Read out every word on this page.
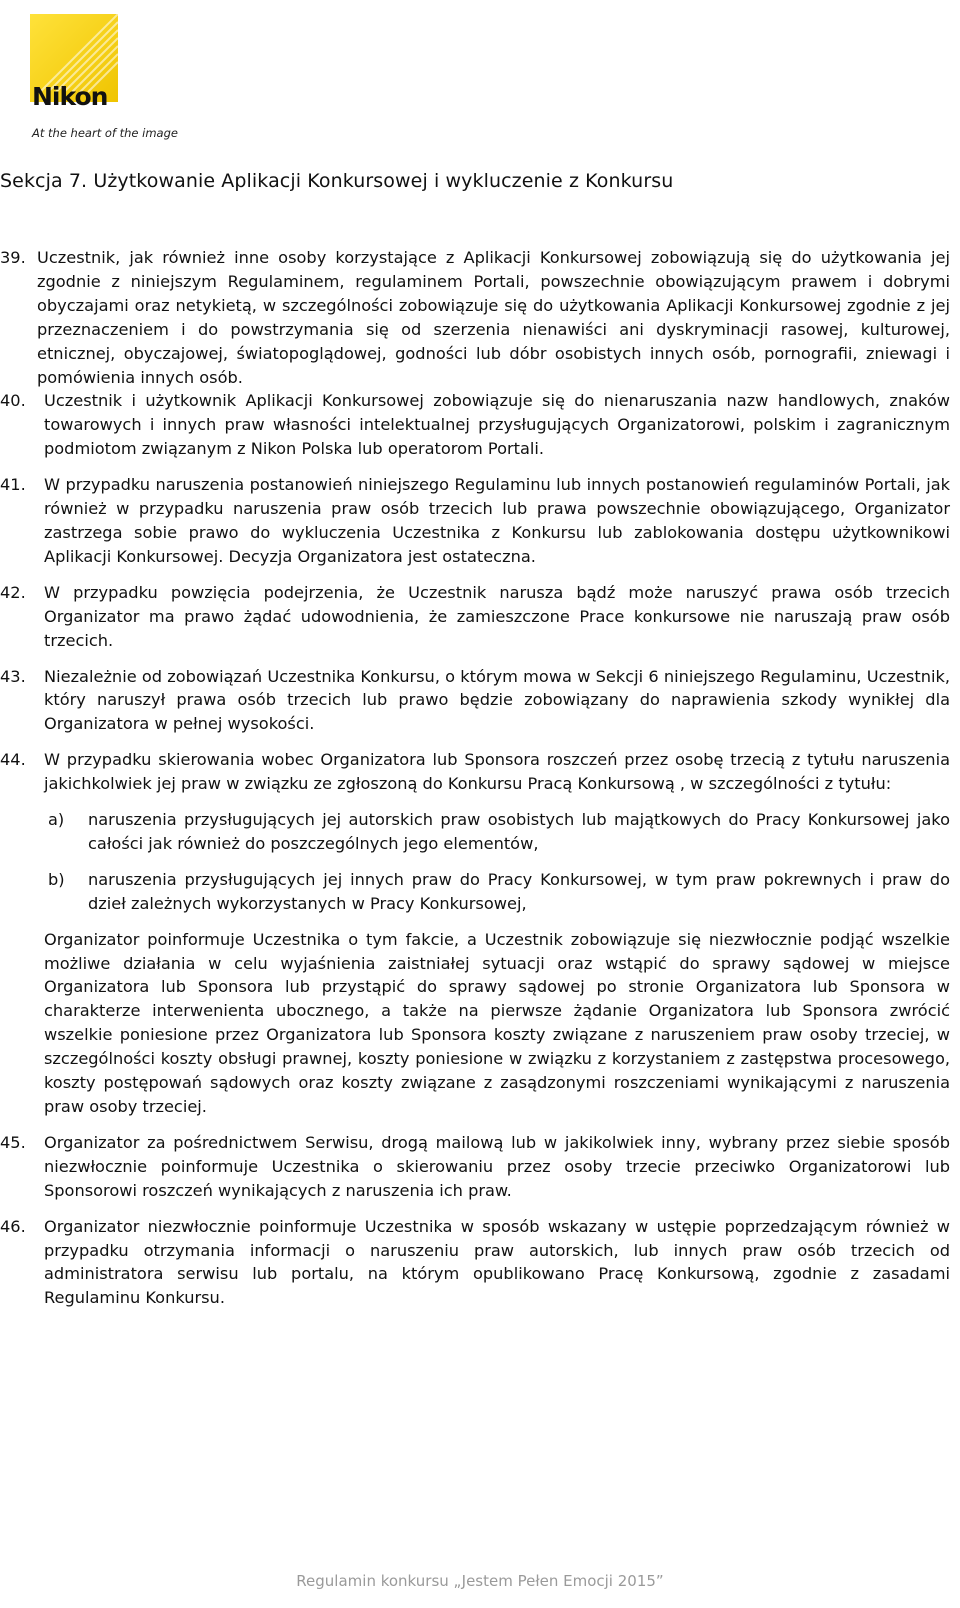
Nikon
At the heart of the image
Sekcja 7. Użytkowanie Aplikacji Konkursowej i wykluczenie z Konkursu
39. Uczestnik, jak również inne osoby korzystające z Aplikacji Konkursowej zobowiązują się do użytkowania jej zgodnie z niniejszym Regulaminem, regulaminem Portali, powszechnie obowiązującym prawem i dobrymi obyczajami oraz netykietą, w szczególności zobowiązuje się do użytkowania Aplikacji Konkursowej zgodnie z jej przeznaczeniem i do powstrzymania się od szerzenia nienawiści ani dyskryminacji rasowej, kulturowej, etnicznej, obyczajowej, światopoglądowej, godności lub dóbr osobistych innych osób, pornografii, zniewagi i pomówienia innych osób.
40. Uczestnik i użytkownik Aplikacji Konkursowej zobowiązuje się do nienaruszania nazw handlowych, znaków towarowych i innych praw własności intelektualnej przysługujących Organizatorowi, polskim i zagranicznym podmiotom związanym z Nikon Polska lub operatorom Portali.
41. W przypadku naruszenia postanowień niniejszego Regulaminu lub innych postanowień regulaminów Portali, jak również w przypadku naruszenia praw osób trzecich lub prawa powszechnie obowiązującego, Organizator zastrzega sobie prawo do wykluczenia Uczestnika z Konkursu lub zablokowania dostępu użytkownikowi Aplikacji Konkursowej. Decyzja Organizatora jest ostateczna.
42. W przypadku powzięcia podejrzenia, że Uczestnik narusza bądź może naruszyć prawa osób trzecich Organizator ma prawo żądać udowodnienia, że zamieszczone Prace konkursowe nie naruszają praw osób trzecich.
43. Niezależnie od zobowiązań Uczestnika Konkursu, o którym mowa w Sekcji 6 niniejszego Regulaminu, Uczestnik, który naruszył prawa osób trzecich lub prawo będzie zobowiązany do naprawienia szkody wynikłej dla Organizatora w pełnej wysokości.
44. W przypadku skierowania wobec Organizatora lub Sponsora roszczeń przez osobę trzecią z tytułu naruszenia jakichkolwiek jej praw w związku ze zgłoszoną do Konkursu Pracą Konkursową , w szczególności z tytułu:
a) naruszenia przysługujących jej autorskich praw osobistych lub majątkowych do Pracy Konkursowej jako całości jak również do poszczególnych jego elementów,
b) naruszenia przysługujących jej innych praw do Pracy Konkursowej, w tym praw pokrewnych i praw do dzieł zależnych wykorzystanych w Pracy Konkursowej,
Organizator poinformuje Uczestnika o tym fakcie, a Uczestnik zobowiązuje się niezwłocznie podjąć wszelkie możliwe działania w celu wyjaśnienia zaistniałej sytuacji oraz wstąpić do sprawy sądowej w miejsce Organizatora lub Sponsora lub przystąpić do sprawy sądowej po stronie Organizatora lub Sponsora w charakterze interwenienta ubocznego, a także na pierwsze żądanie Organizatora lub Sponsora zwrócić wszelkie poniesione przez Organizatora lub Sponsora koszty związane z naruszeniem praw osoby trzeciej, w szczególności koszty obsługi prawnej, koszty poniesione w związku z korzystaniem z zastępstwa procesowego, koszty postępowań sądowych oraz koszty związane z zasądzonymi roszczeniami wynikającymi z naruszenia praw osoby trzeciej.
45. Organizator za pośrednictwem Serwisu, drogą mailową lub w jakikolwiek inny, wybrany przez siebie sposób niezwłocznie poinformuje Uczestnika o skierowaniu przez osoby trzecie przeciwko Organizatorowi lub Sponsorowi roszczeń wynikających z naruszenia ich praw.
46. Organizator niezwłocznie poinformuje Uczestnika w sposób wskazany w ustępie poprzedzającym również w przypadku otrzymania informacji o naruszeniu praw autorskich, lub innych praw osób trzecich od administratora serwisu lub portalu, na którym opublikowano Pracę Konkursową, zgodnie z zasadami Regulaminu Konkursu.
Regulamin konkursu „Jestem Pełen Emocji 2015”
